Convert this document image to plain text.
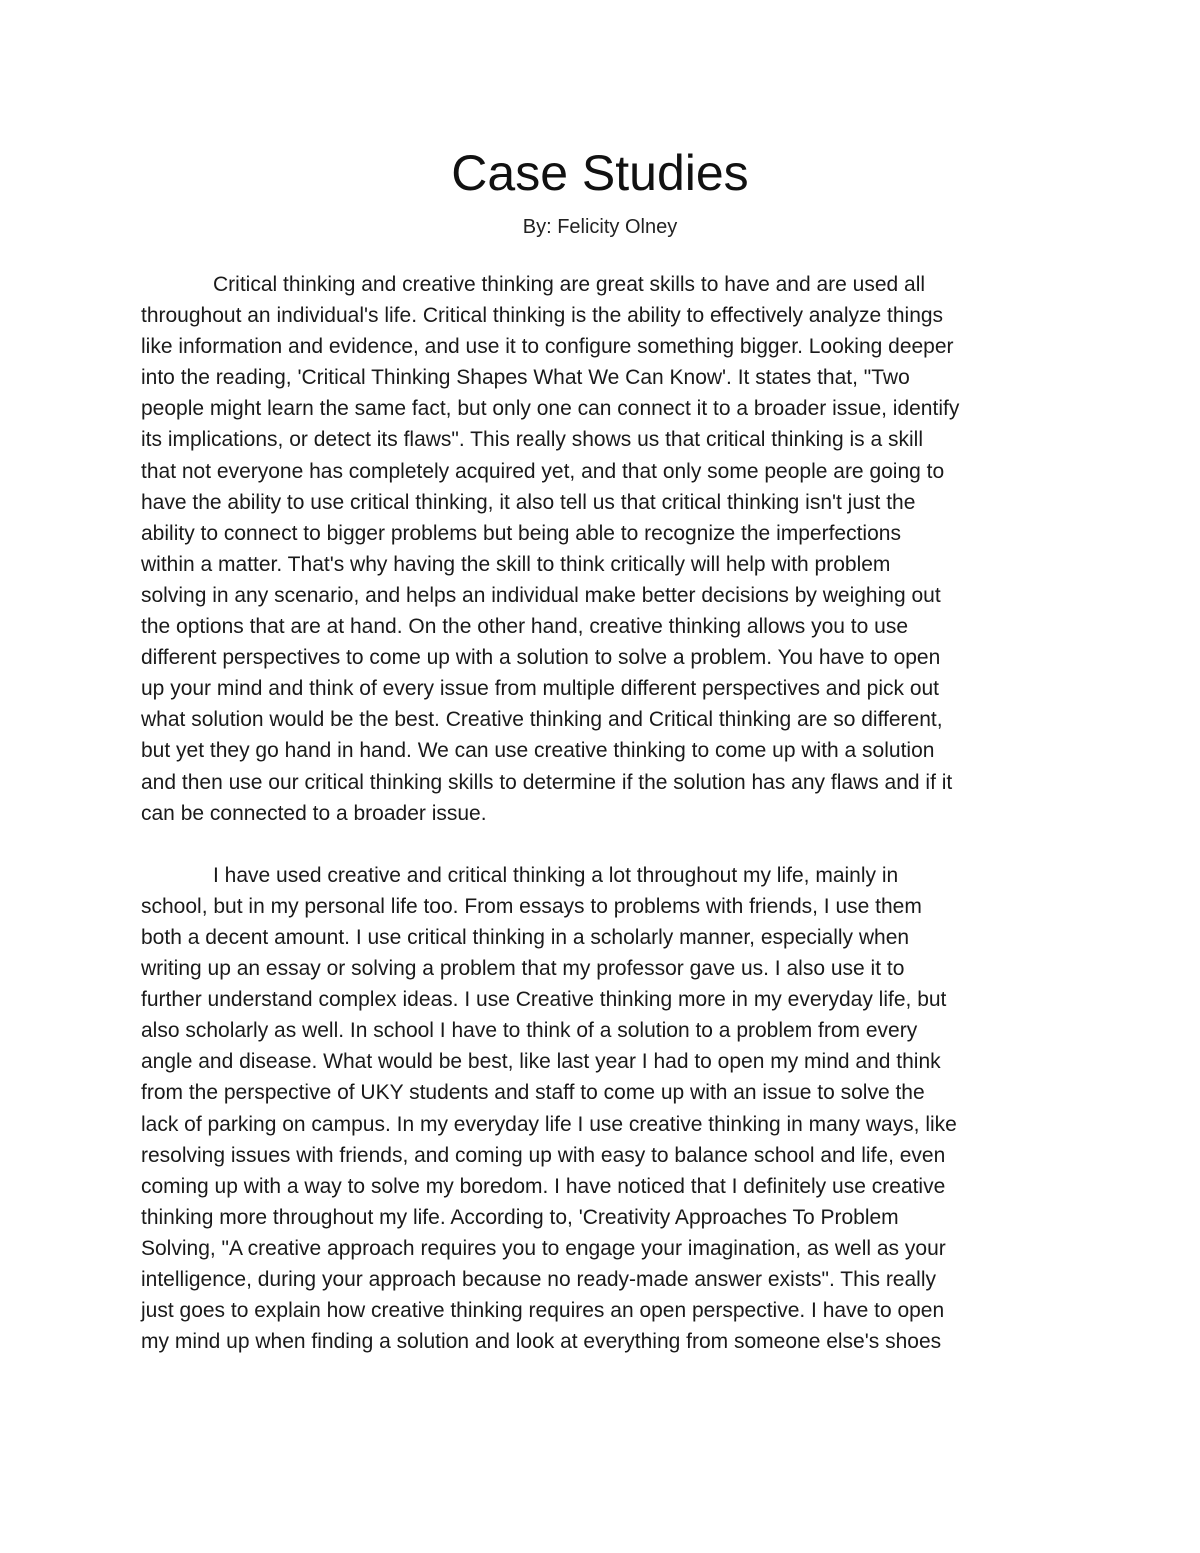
Case Studies

By: Felicity Olney

Critical thinking and creative thinking are great skills to have and are used all
throughout an individual's life. Critical thinking is the ability to effectively analyze things
like information and evidence, and use it to configure something bigger. Looking deeper
into the reading, 'Critical Thinking Shapes What We Can Know'. It states that, "Two
people might learn the same fact, but only one can connect it to a broader issue, identify
its implications, or detect its flaws". This really shows us that critical thinking is a skill
that not everyone has completely acquired yet, and that only some people are going to
have the ability to use critical thinking, it also tell us that critical thinking isn't just the
ability to connect to bigger problems but being able to recognize the imperfections
within a matter. That's why having the skill to think critically will help with problem
solving in any scenario, and helps an individual make better decisions by weighing out
the options that are at hand. On the other hand, creative thinking allows you to use
different perspectives to come up with a solution to solve a problem. You have to open
up your mind and think of every issue from multiple different perspectives and pick out
what solution would be the best. Creative thinking and Critical thinking are so different,
but yet they go hand in hand. We can use creative thinking to come up with a solution
and then use our critical thinking skills to determine if the solution has any flaws and if it
can be connected to a broader issue.
I have used creative and critical thinking a lot throughout my life, mainly in
school, but in my personal life too. From essays to problems with friends, I use them
both a decent amount. I use critical thinking in a scholarly manner, especially when
writing up an essay or solving a problem that my professor gave us. I also use it to
further understand complex ideas. I use Creative thinking more in my everyday life, but
also scholarly as well. In school I have to think of a solution to a problem from every
angle and disease. What would be best, like last year I had to open my mind and think
from the perspective of UKY students and staff to come up with an issue to solve the
lack of parking on campus. In my everyday life I use creative thinking in many ways, like
resolving issues with friends, and coming up with easy to balance school and life, even
coming up with a way to solve my boredom. I have noticed that I definitely use creative
thinking more throughout my life. According to, 'Creativity Approaches To Problem
Solving, "A creative approach requires you to engage your imagination, as well as your
intelligence, during your approach because no ready-made answer exists". This really
just goes to explain how creative thinking requires an open perspective. I have to open
my mind up when finding a solution and look at everything from someone else's shoes
